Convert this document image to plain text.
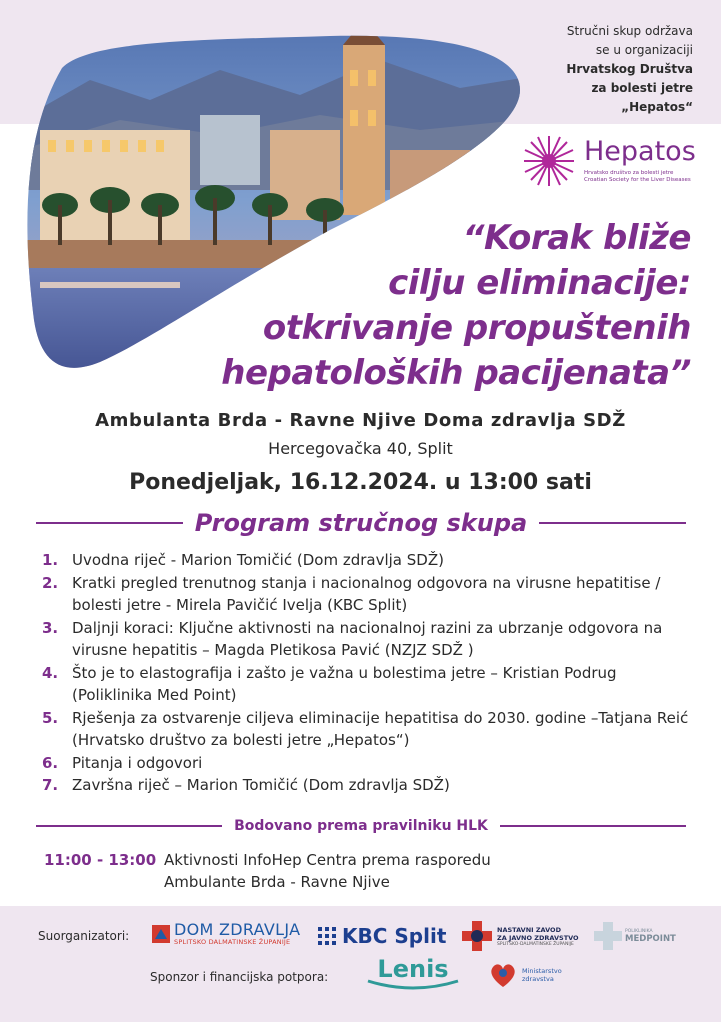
Stručni skup održava
se u organizaciji
Hrvatskog Društva
za bolesti jetre
„Hepatos“
Hepatos
Hrvatsko društvo za bolesti jetre
Croatian Society for the Liver Diseases
“Korak bliže
cilju eliminacije:
otkrivanje propuštenih
hepatoloških pacijenata”
Ambulanta Brda - Ravne Njive Doma zdravlja SDŽ
Hercegovačka 40, Split
Ponedjeljak, 16.12.2024. u 13:00 sati
Program stručnog skupa
1. Uvodna riječ - Marion Tomičić (Dom zdravlja SDŽ)
2. Kratki pregled trenutnog stanja i nacionalnog odgovora na virusne hepatitise / bolesti jetre - Mirela Pavičić Ivelja (KBC Split)
3. Daljnji koraci: Ključne aktivnosti na nacionalnoj razini za ubrzanje odgovora na virusne hepatitis – Magda Pletikosa Pavić (NZJZ SDŽ )
4. Što je to elastografija i zašto je važna u bolestima jetre – Kristian Podrug (Poliklinika Med Point)
5. Rješenja za ostvarenje ciljeva eliminacije hepatitisa do 2030. godine –Tatjana Reić (Hrvatsko društvo za bolesti jetre „Hepatos“)
6. Pitanja i odgovori
7. Završna riječ – Marion Tomičić (Dom zdravlja SDŽ)
Bodovano prema pravilniku HLK
11:00 - 13:00 Aktivnosti InfoHep Centra prema rasporedu
Ambulante Brda - Ravne Njive
Suorganizatori:
Sponzor i financijska potpora:
DOM ZDRAVLJA
SPLITSKO DALMATINSKE ŽUPANIJE	KBC Split	NASTAVNI ZAVOD
ZA JAVNO ZDRAVSTVO
SPLITSKO-DALMATINSKE ŽUPANIJE
POLIKLINIKA
MEDPOINT
Lenis	Ministarstvo
zdravstva
